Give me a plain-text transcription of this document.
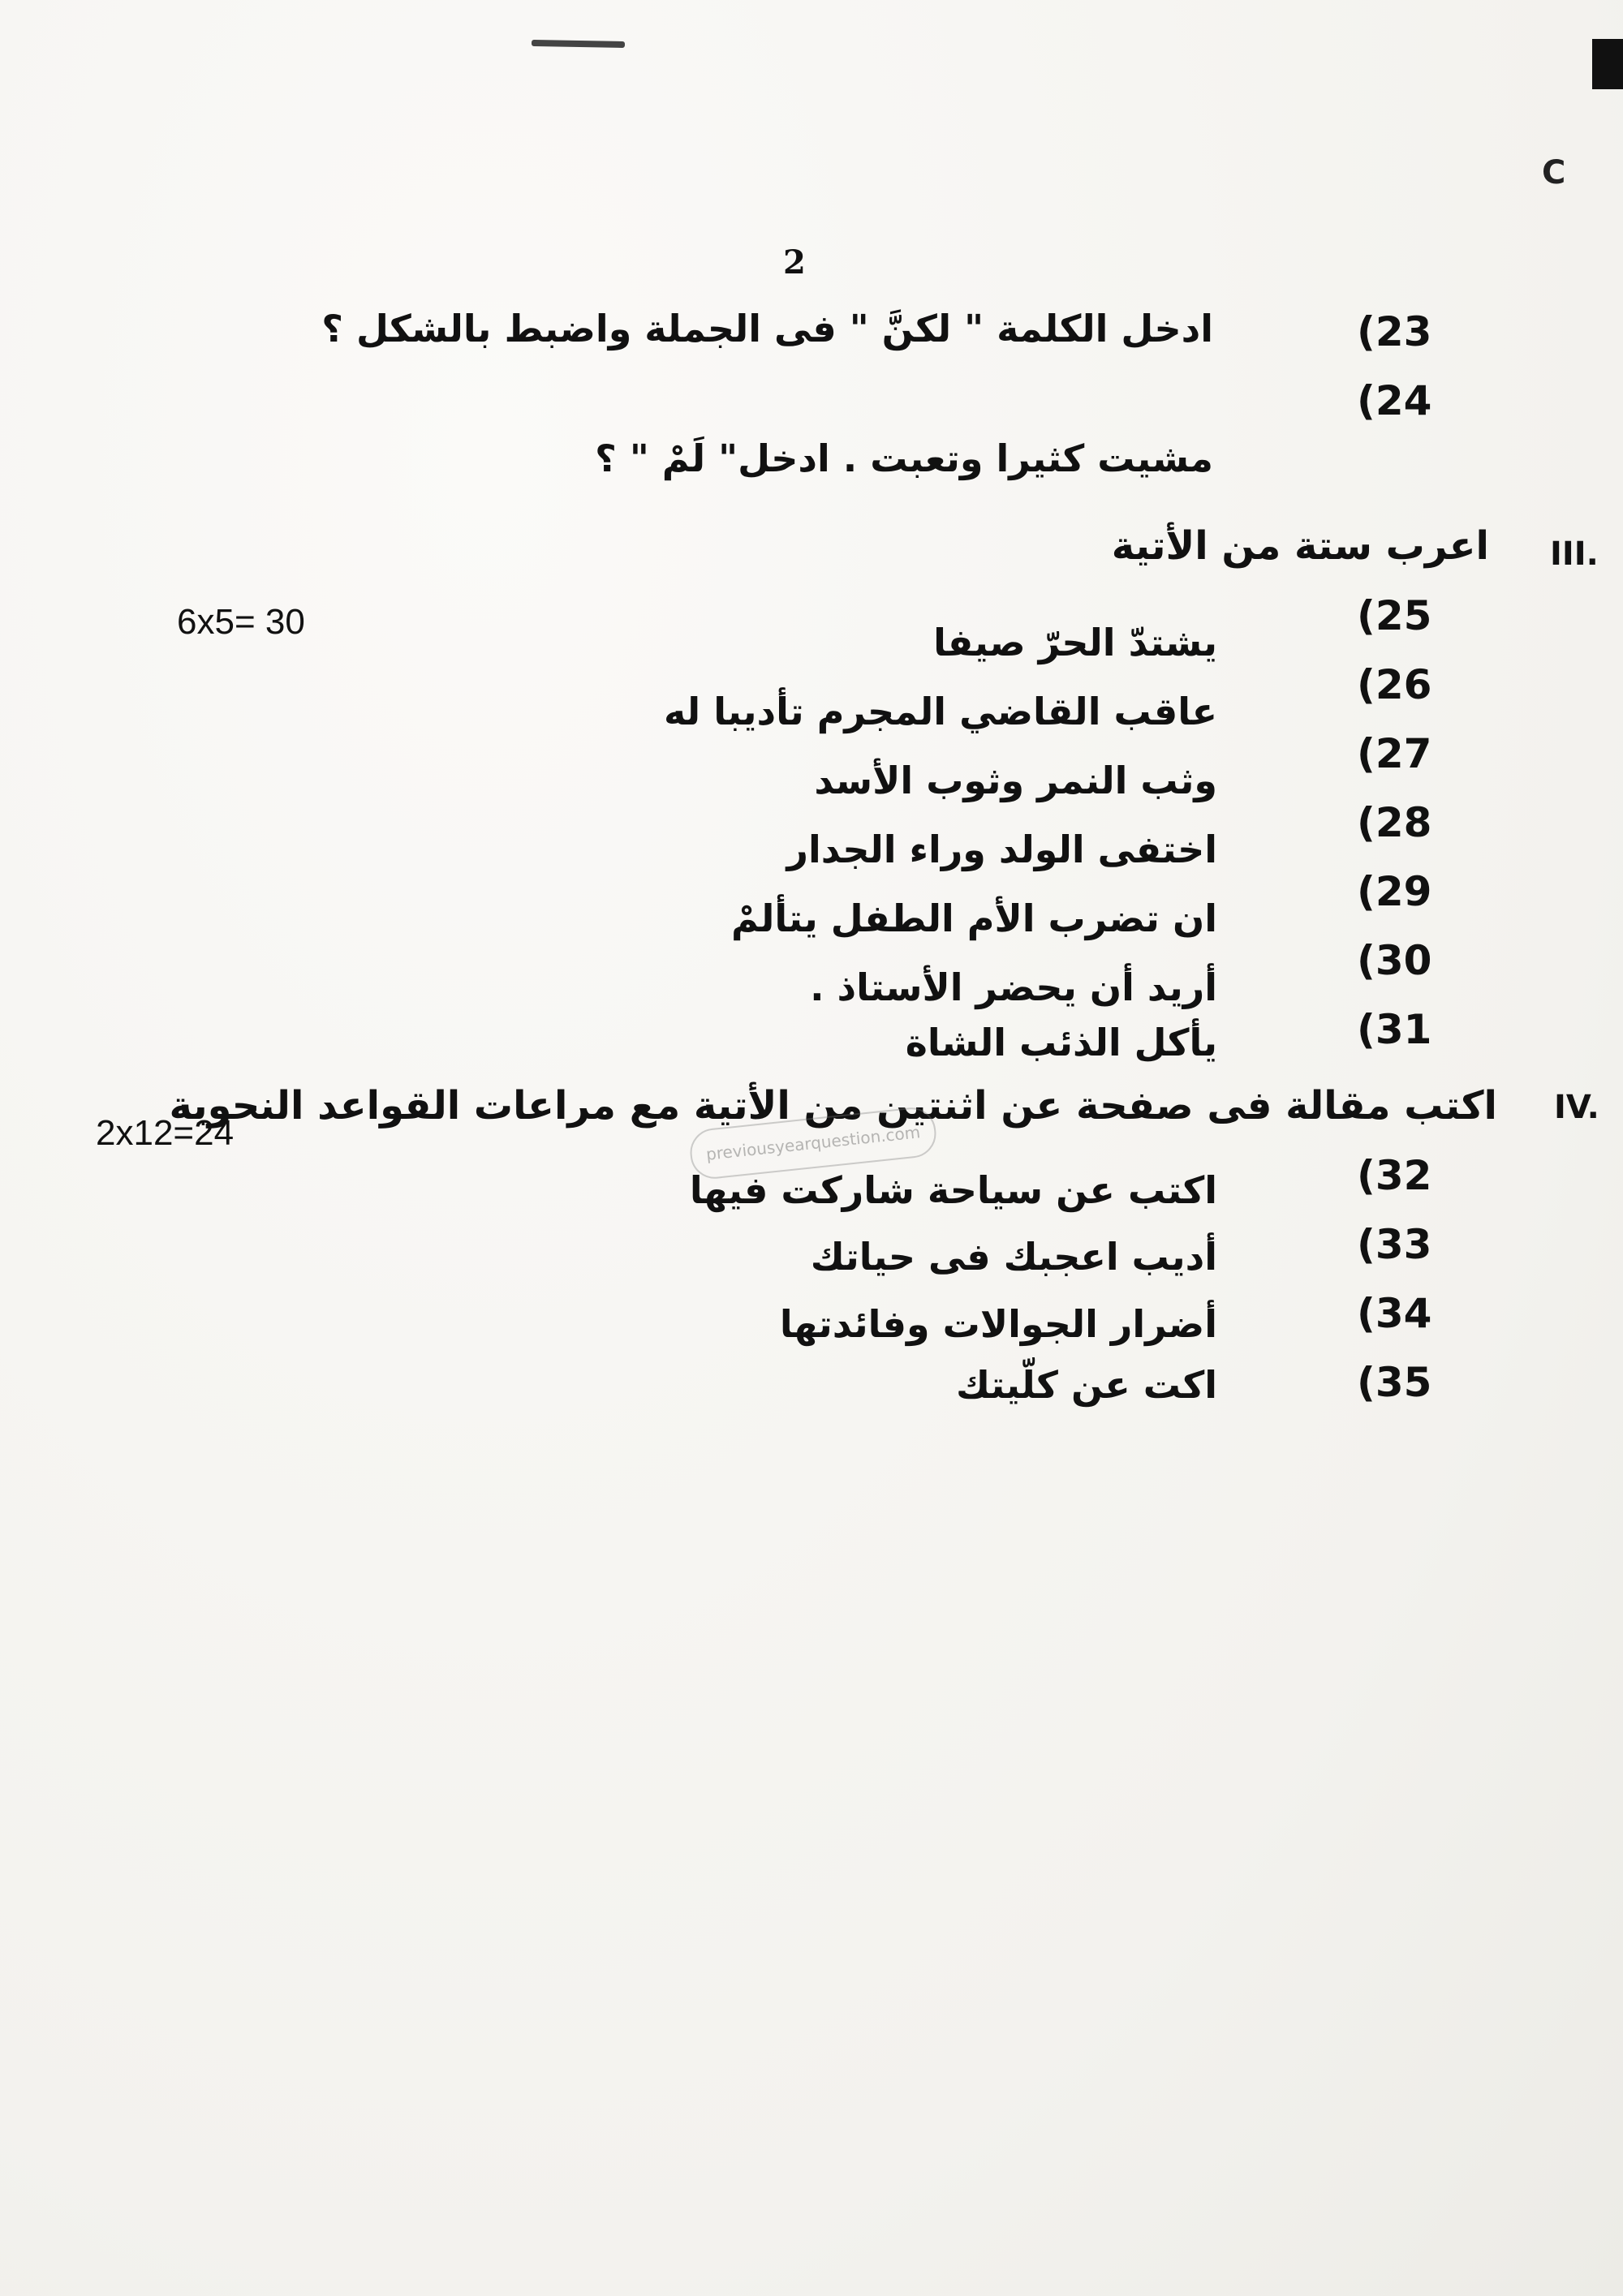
C
2
(23
ادخل الكلمة " لكنَّ " فى الجملة واضبط بالشكل ؟
(24
مشيت كثيرا وتعبت . ادخل" لَمْ " ؟
III.
اعرب ستة من الأتية
6x5= 30	(25
يشتدّ الحرّ صيفا
(26
عاقب القاضي المجرم تأديبا له
(27
وثب النمر وثوب الأسد
(28
اختفى الولد وراء الجدار
(29
ان تضرب الأم الطفل يتألمْ
(30
أريد أن يحضر الأستاذ .
(31
يأكل الذئب الشاة
IV.
اكتب مقالة فى صفحة عن اثنتين من الأتية مع مراعات القواعد النحوية
2x12=24
(32
اكتب عن سياحة شاركت فيها
(33
أديب اعجبك فى حياتك
(34
أضرار الجوالات وفائدتها
(35
اكت عن كلّيتك
previousyearquestion.com
